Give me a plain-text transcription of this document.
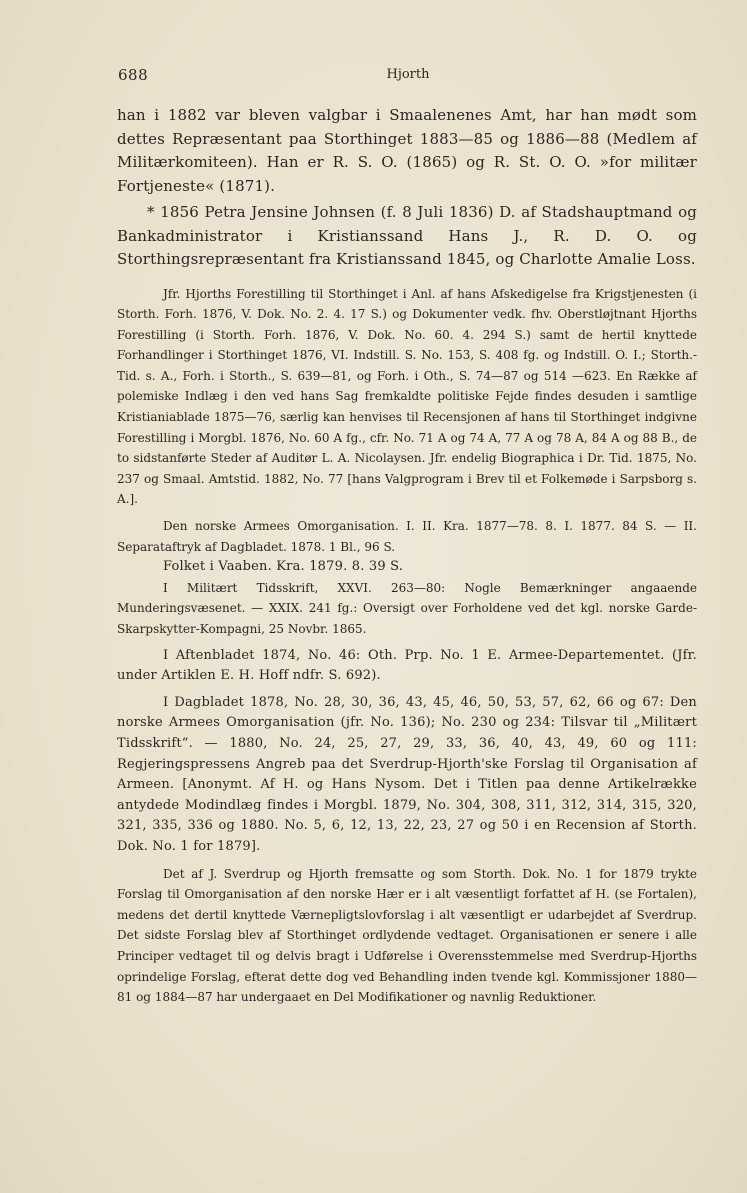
688	Hjorth

han i 1882 var bleven valgbar i Smaalenenes Amt, har han mødt som dettes Repræsentant paa Storthinget 1883—85 og 1886—88 (Medlem af Militærkomiteen). Han er R. S. O. (1865) og R. St. O. O. »for militær Fortjeneste« (1871).

* 1856 Petra Jensine Johnsen (f. 8 Juli 1836) D. af Stadshauptmand og Bankadministrator i Kristianssand Hans J., R. D. O. og Storthingsrepræsentant fra Kristianssand 1845, og Charlotte Amalie Loss.

Jfr. Hjorths Forestilling til Storthinget i Anl. af hans Afskedigelse fra Krigstjenesten (i Storth. Forh. 1876, V. Dok. No. 2. 4. 17 S.) og Dokumenter vedk. fhv. Oberstløjtnant Hjorths Forestilling (i Storth. Forh. 1876, V. Dok. No. 60. 4. 294 S.) samt de hertil knyttede Forhandlinger i Storthinget 1876, VI. Indstill. S. No. 153, S. 408 fg. og Indstill. O. I.; Storth.-Tid. s. A., Forh. i Storth., S. 639—81, og Forh. i Oth., S. 74—87 og 514 —623. En Række af polemiske Indlæg i den ved hans Sag fremkaldte politiske Fejde findes desuden i samtlige Kristianiablade 1875—76, særlig kan henvises til Recensjonen af hans til Storthinget indgivne Forestilling i Morgbl. 1876, No. 60 A fg., cfr. No. 71 A og 74 A, 77 A og 78 A, 84 A og 88 B., de to sidstanførte Steder af Auditør L. A. Nicolaysen. Jfr. endelig Biographica i Dr. Tid. 1875, No. 237 og Smaal. Amtstid. 1882, No. 77 [hans Valgprogram i Brev til et Folkemøde i Sarpsborg s. A.].

Den norske Armees Omorganisation. I. II. Kra. 1877—78. 8. I. 1877. 84 S. — II. Separataftryk af Dagbladet. 1878. 1 Bl., 96 S.

Folket i Vaaben. Kra. 1879. 8. 39 S.

I Militært Tidsskrift, XXVI. 263—80: Nogle Bemærkninger angaaende Munderingsvæsenet. — XXIX. 241 fg.: Oversigt over Forholdene ved det kgl. norske Garde-Skarpskytter-Kompagni, 25 Novbr. 1865.

I Aftenbladet 1874, No. 46: Oth. Prp. No. 1 E. Armee-Departementet. (Jfr. under Artiklen E. H. Hoff ndfr. S. 692).

I Dagbladet 1878, No. 28, 30, 36, 43, 45, 46, 50, 53, 57, 62, 66 og 67: Den norske Armees Omorganisation (jfr. No. 136); No. 230 og 234: Tilsvar til „Militært Tidsskrift“. — 1880, No. 24, 25, 27, 29, 33, 36, 40, 43, 49, 60 og 111: Regjeringspressens Angreb paa det Sverdrup-Hjorth'ske Forslag til Organisation af Armeen. [Anonymt. Af H. og Hans Nysom. Det i Titlen paa denne Artikelrække antydede Modindlæg findes i Morgbl. 1879, No. 304, 308, 311, 312, 314, 315, 320, 321, 335, 336 og 1880. No. 5, 6, 12, 13, 22, 23, 27 og 50 i en Recension af Storth. Dok. No. 1 for 1879].

Det af J. Sverdrup og Hjorth fremsatte og som Storth. Dok. No. 1 for 1879 trykte Forslag til Omorganisation af den norske Hær er i alt væsentligt forfattet af H. (se Fortalen), medens det dertil knyttede Værnepligtslovforslag i alt væsentligt er udarbejdet af Sverdrup. Det sidste Forslag blev af Storthinget ordlydende vedtaget. Organisationen er senere i alle Principer vedtaget til og delvis bragt i Udførelse i Overensstemmelse med Sverdrup-Hjorths oprindelige Forslag, efterat dette dog ved Behandling inden tvende kgl. Kommissjoner 1880—81 og 1884—87 har undergaaet en Del Modifikationer og navnlig Reduktioner.
